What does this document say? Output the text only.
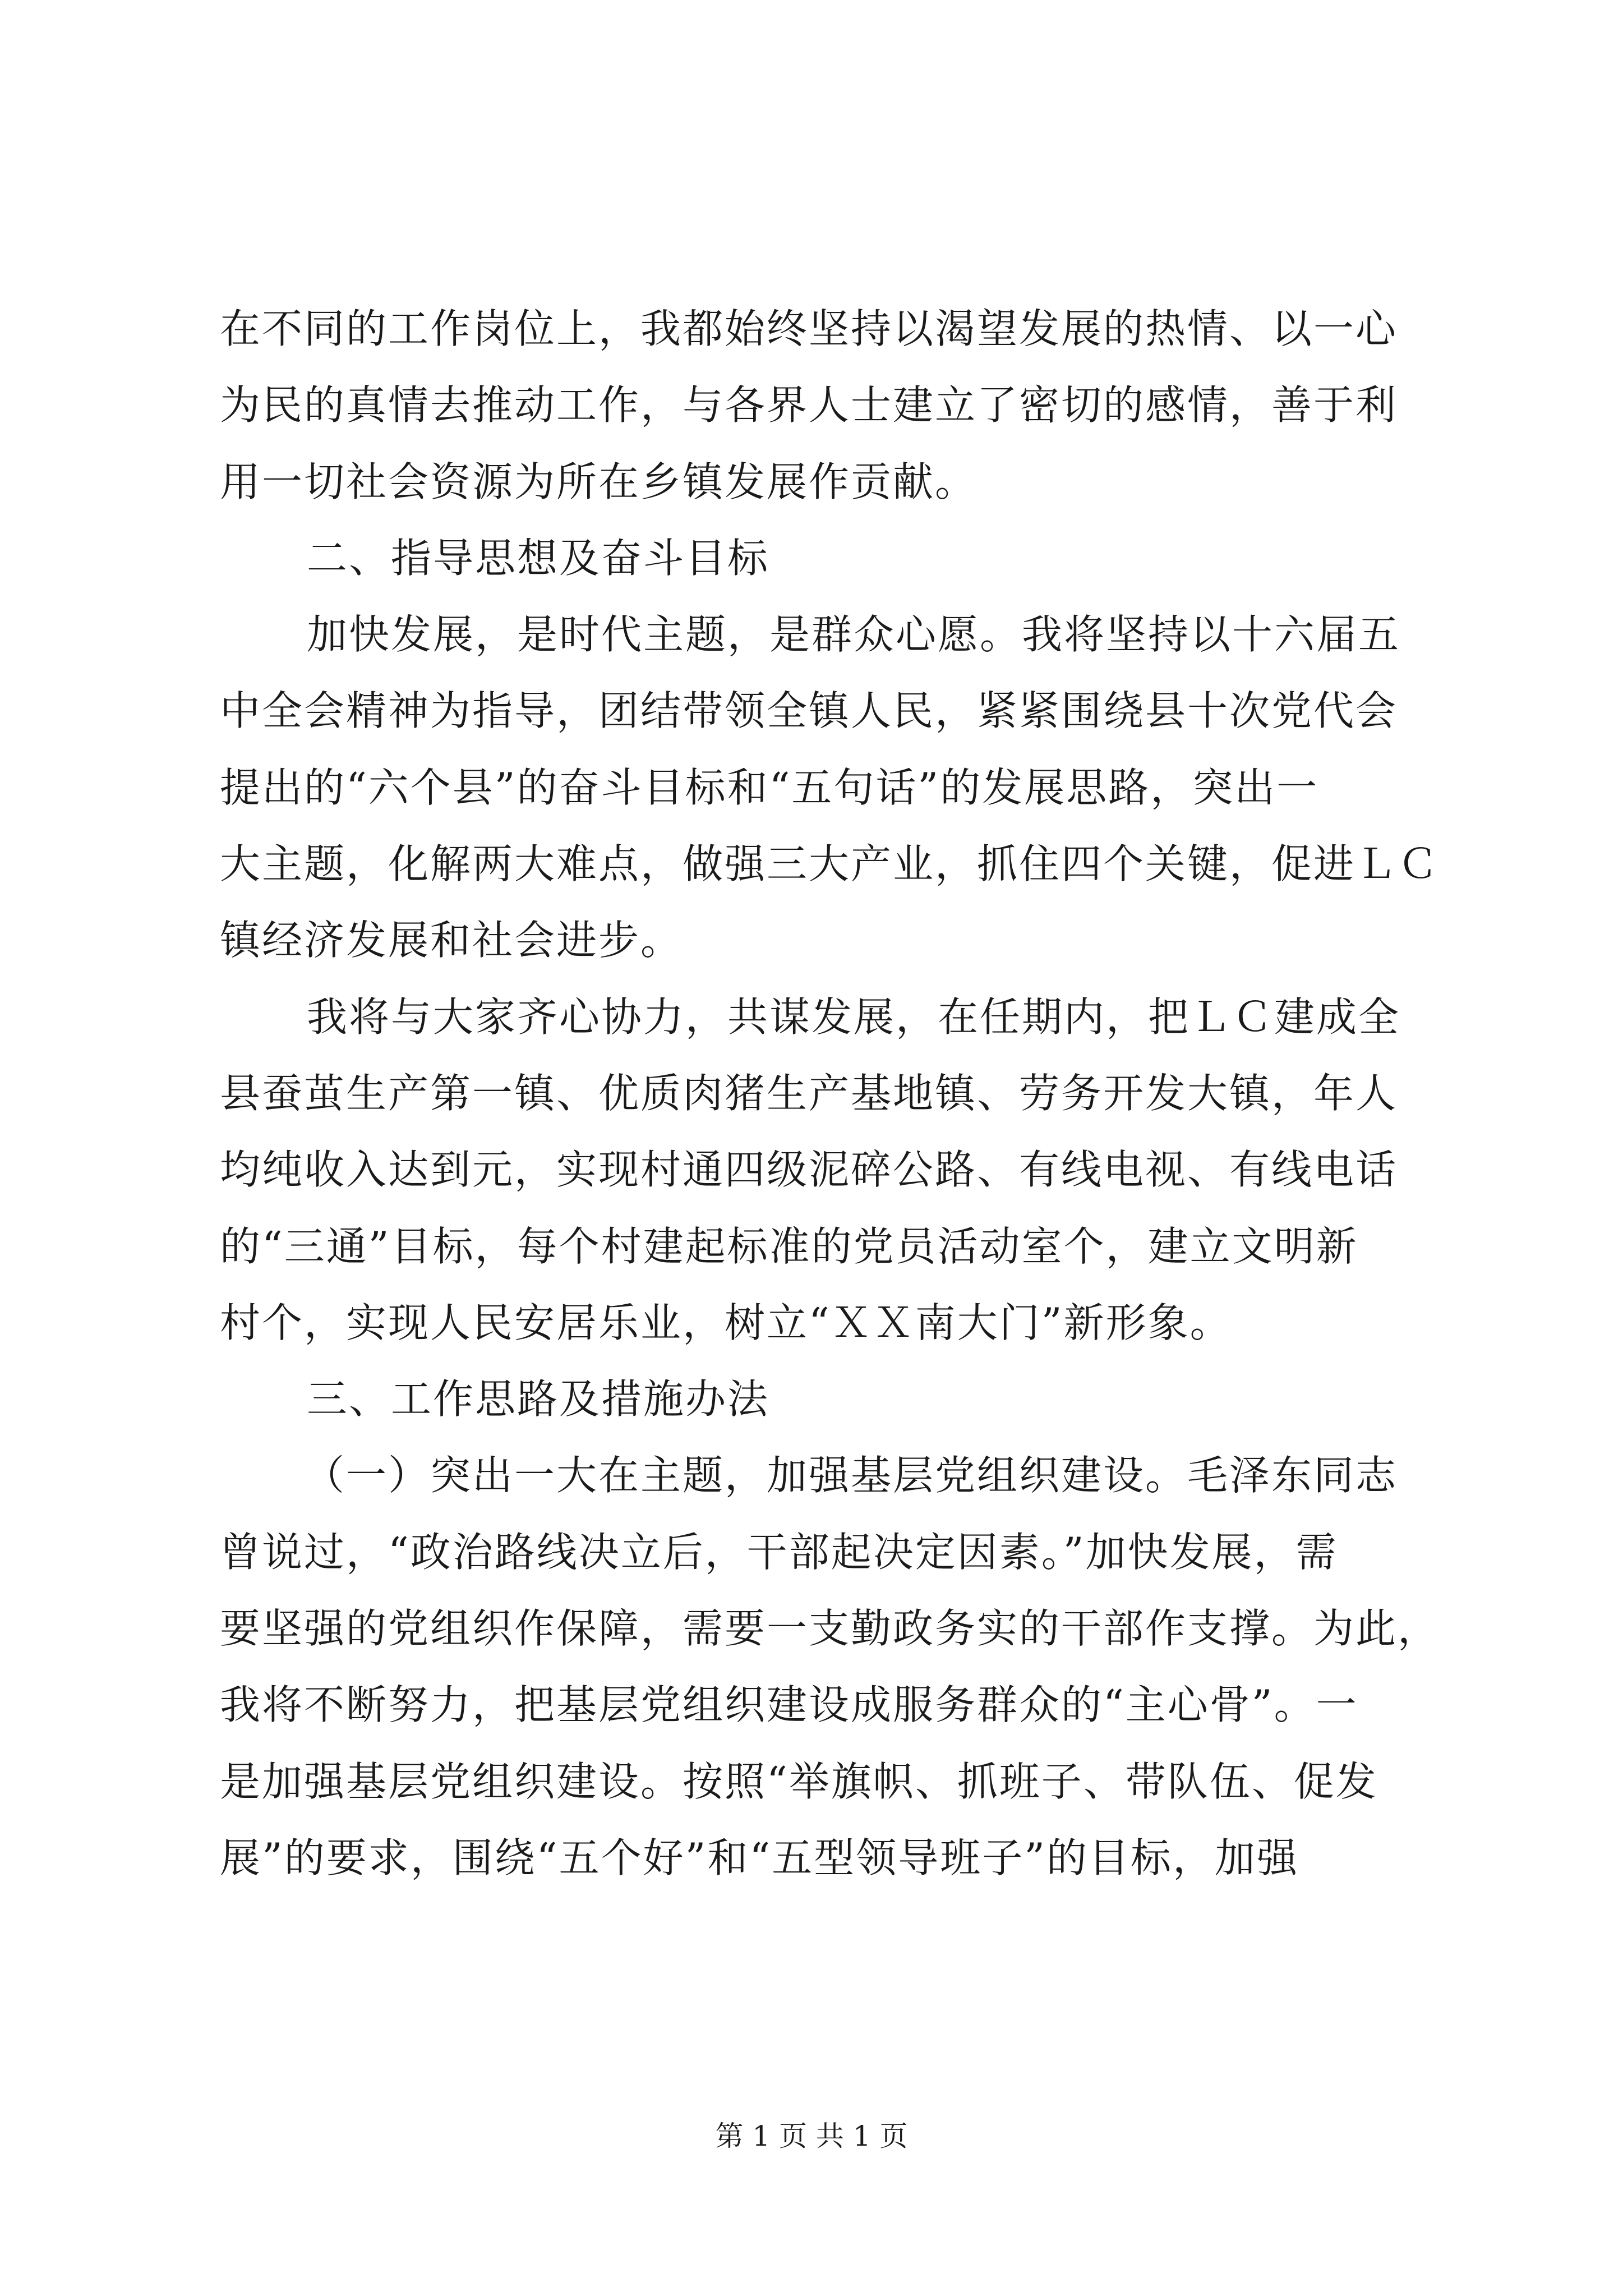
在不同的工作岗位上，我都始终坚持以渴望发展的热情、以一心
为民的真情去推动工作，与各界人士建立了密切的感情，善于利
用一切社会资源为所在乡镇发展作贡献。
二、指导思想及奋斗目标
加快发展，是时代主题，是群众心愿。我将坚持以十六届五
中全会精神为指导，团结带领全镇人民，紧紧围绕县十次党代会
提出的“六个县”的奋斗目标和“五句话”的发展思路，突出一
大主题，化解两大难点，做强三大产业，抓住四个关键，促进ＬＣ
镇经济发展和社会进步。
我将与大家齐心协力，共谋发展，在任期内，把ＬＣ建成全
县蚕茧生产第一镇、优质肉猪生产基地镇、劳务开发大镇，年人
均纯收入达到元，实现村通四级泥碎公路、有线电视、有线电话
的“三通”目标，每个村建起标准的党员活动室个，建立文明新
村个，实现人民安居乐业，树立“ＸＸ南大门”新形象。
三、工作思路及措施办法
（一）突出一大在主题，加强基层党组织建设。毛泽东同志
曾说过，“政治路线决立后，干部起决定因素。”加快发展，需
要坚强的党组织作保障，需要一支勤政务实的干部作支撑。为此，
我将不断努力，把基层党组织建设成服务群众的“主心骨”。一
是加强基层党组织建设。按照“举旗帜、抓班子、带队伍、促发
展”的要求，围绕“五个好”和“五型领导班子”的目标，加强
第 1 页 共 1 页
